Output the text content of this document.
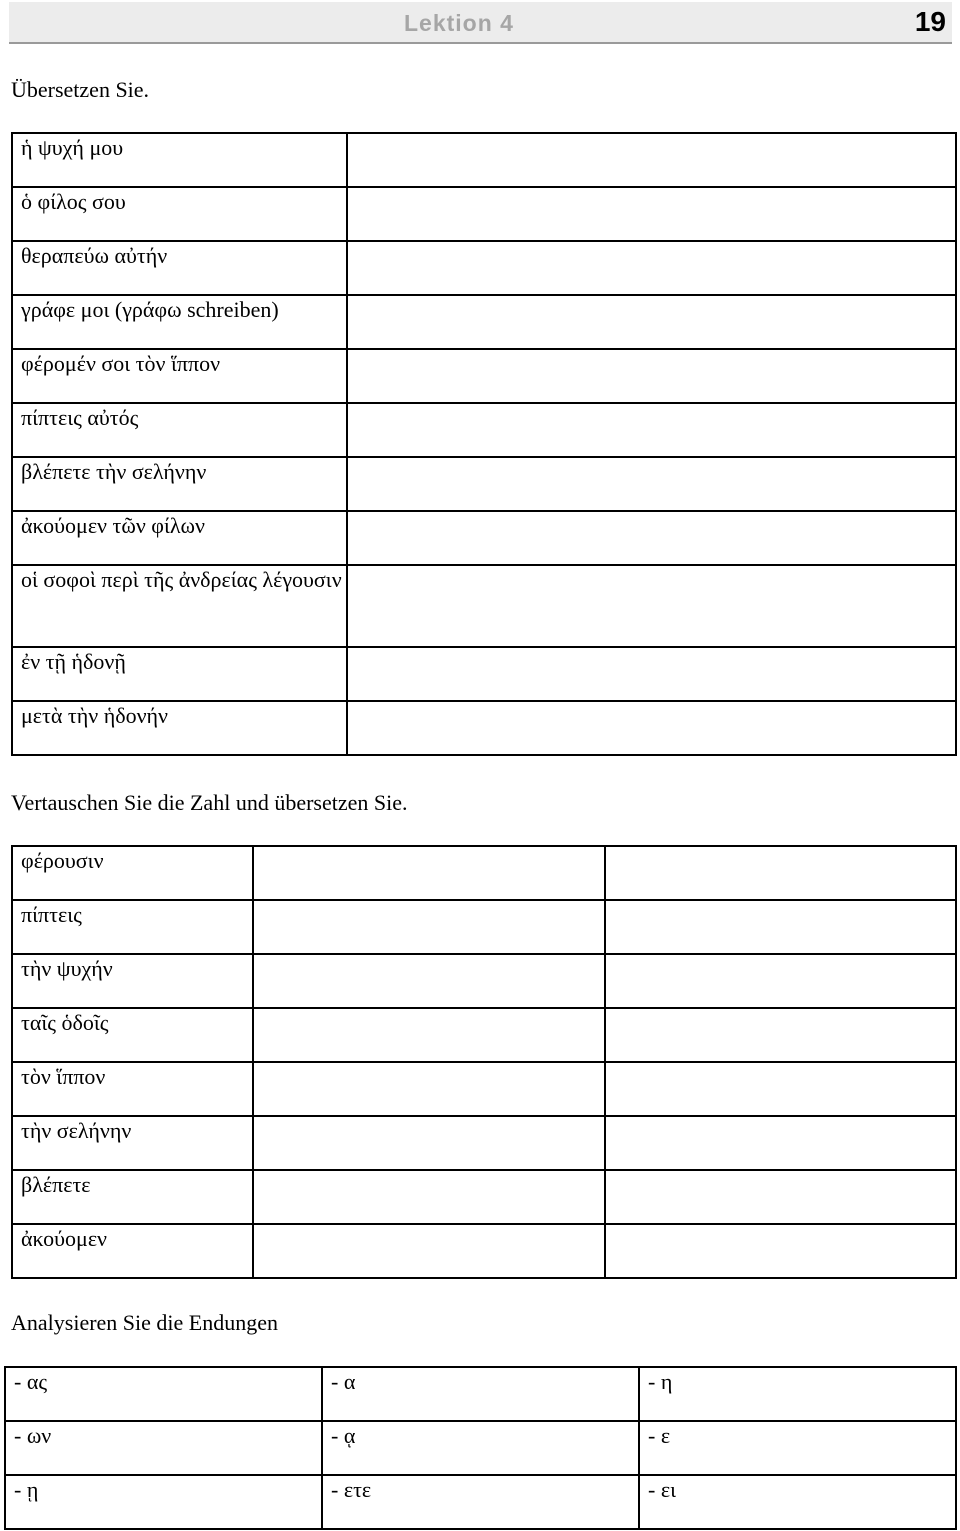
Lektion 4	19
Übersetzen Sie.
ἡ ψυχή μου	
ὁ φίλος σου	
θεραπεύω αὐτήν	
γράφε μοι (γράφω schreiben)	
φέρομέν σοι τὸν ἵππον	
πίπτεις αὐτός	
βλέπετε τὴν σελήνην	
ἀκούομεν τῶν φίλων	
οἱ σοφοὶ περὶ τῆς ἀνδρείας λέγουσιν	
ἐν τῇ ἡδονῇ	
μετὰ τὴν ἡδονήν	
Vertauschen Sie die Zahl und übersetzen Sie.
φέρουσιν		
πίπτεις		
τὴν ψυχήν		
ταῖς ὁδοῖς		
τὸν ἵππον		
τὴν σελήνην		
βλέπετε		
ἀκούομεν		
Analysieren Sie die Endungen
- ας	- α	- η
- ων	- ᾳ	- ε
- ῃ	- ετε	- ει
